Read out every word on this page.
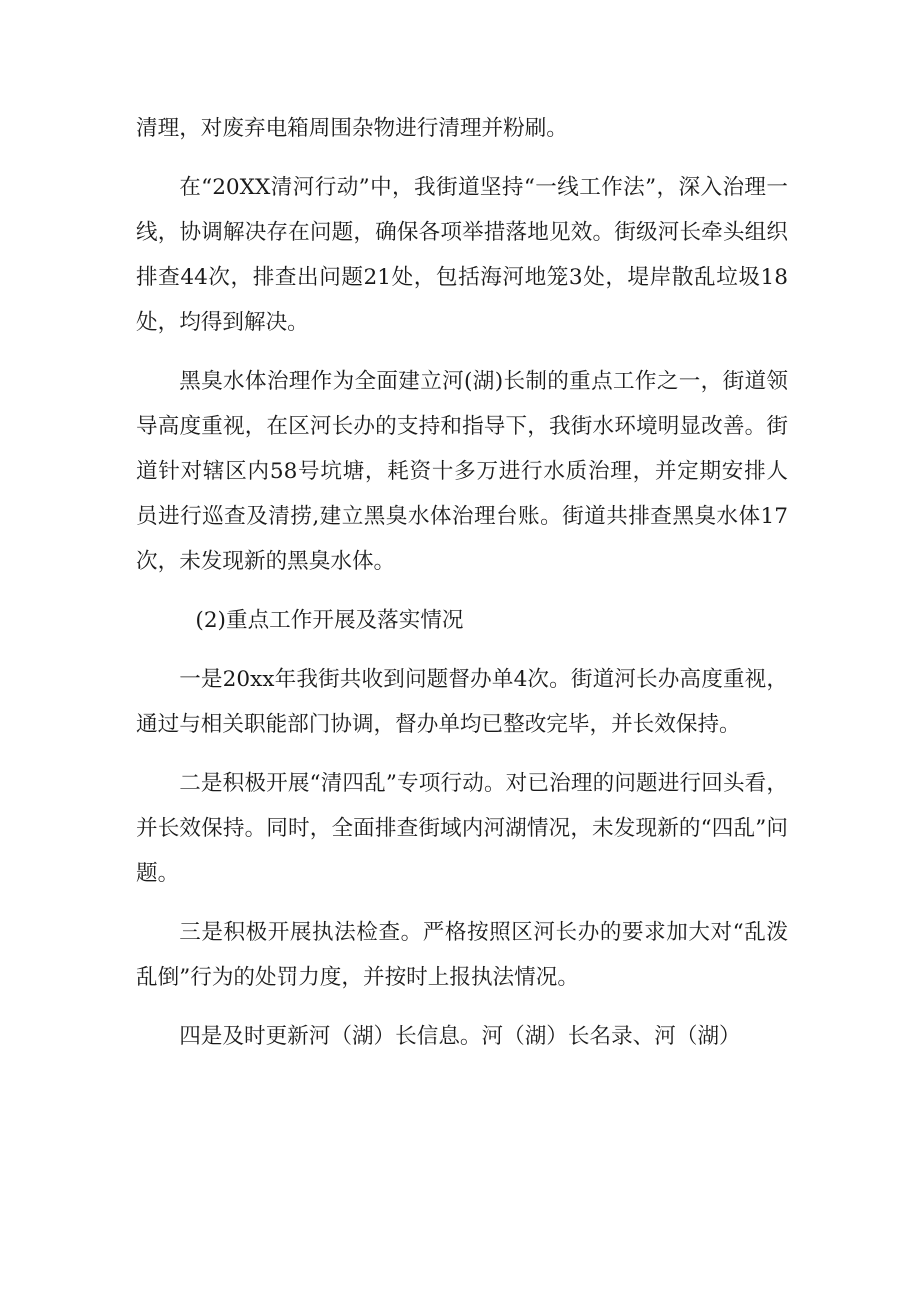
清理，对废弃电箱周围杂物进行清理并粉刷。

在“20XX清河行动”中，我街道坚持“一线工作法”，深入治理一线，协调解决存在问题，确保各项举措落地见效。街级河长牵头组织排查44次，排查出问题21处，包括海河地笼3处，堤岸散乱垃圾18处，均得到解决。

黑臭水体治理作为全面建立河(湖)长制的重点工作之一，街道领导高度重视，在区河长办的支持和指导下，我街水环境明显改善。街道针对辖区内58号坑塘，耗资十多万进行水质治理，并定期安排人员进行巡查及清捞,建立黑臭水体治理台账。街道共排查黑臭水体17次，未发现新的黑臭水体。

(2)重点工作开展及落实情况

一是20xx年我街共收到问题督办单4次。街道河长办高度重视，通过与相关职能部门协调，督办单均已整改完毕，并长效保持。

二是积极开展“清四乱”专项行动。对已治理的问题进行回头看，并长效保持。同时，全面排查街域内河湖情况，未发现新的“四乱”问题。

三是积极开展执法检查。严格按照区河长办的要求加大对“乱泼乱倒”行为的处罚力度，并按时上报执法情况。

四是及时更新河（湖）长信息。河（湖）长名录、河（湖）
